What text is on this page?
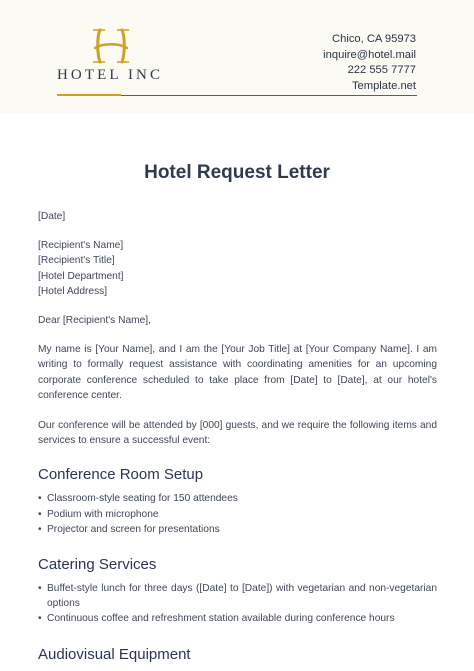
HOTEL INC
Chico, CA 95973
inquire@hotel.mail
222 555 7777
Template.net
Hotel Request Letter

[Date]

[Recipient's Name]

[Recipient's Title]

[Hotel Department]

[Hotel Address]

Dear [Recipient's Name],

My name is [Your Name], and I am the [Your Job Title] at [Your Company Name]. I am writing to formally request assistance with coordinating amenities for an upcoming corporate conference scheduled to take place from [Date] to [Date], at our hotel's conference center.

Our conference will be attended by [000] guests, and we require the following items and services to ensure a successful event:

Conference Room Setup
• Classroom-style seating for 150 attendees
• Podium with microphone
• Projector and screen for presentations
Catering Services
• Buffet-style lunch for three days ([Date] to [Date]) with vegetarian and non-vegetarian options
• Continuous coffee and refreshment station available during conference hours
Audiovisual Equipment
